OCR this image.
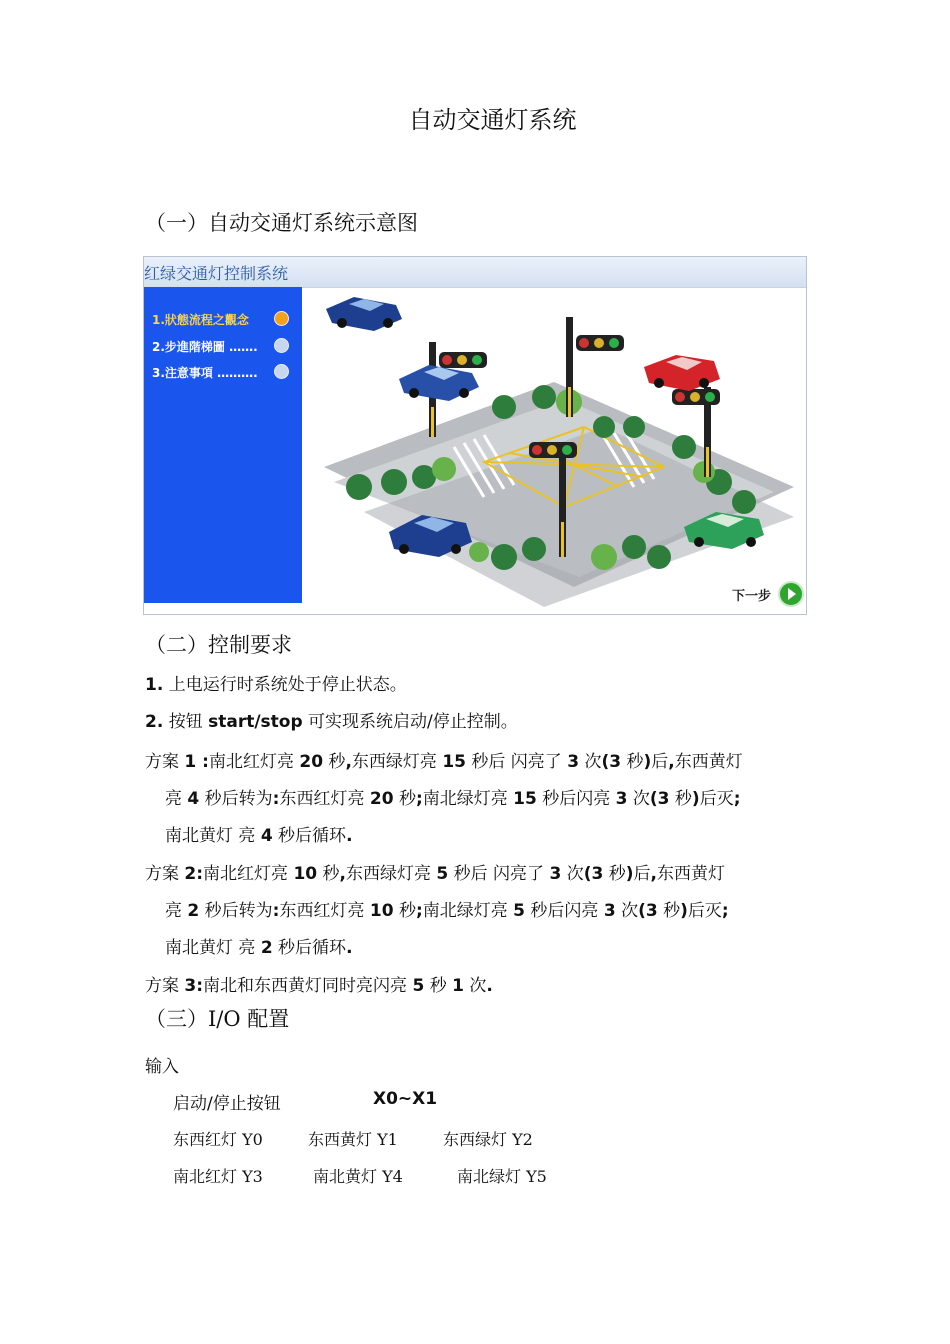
自动交通灯系统
（一）自动交通灯系统示意图
红绿交通灯控制系统
1.狀態流程之觀念
2.步進階梯圖 …….
3.注意事項 ……….
下一步
（二）控制要求
1. 上电运行时系统处于停止状态。
2. 按钮 start/stop 可实现系统启动/停止控制。
方案 1 :南北红灯亮 20 秒,东西绿灯亮 15 秒后 闪亮了 3 次(3 秒)后,东西黄灯
亮 4 秒后转为:东西红灯亮 20 秒;南北绿灯亮 15 秒后闪亮 3 次(3 秒)后灭;
南北黄灯 亮 4 秒后循环.
方案 2:南北红灯亮 10 秒,东西绿灯亮 5 秒后 闪亮了 3 次(3 秒)后,东西黄灯
亮 2 秒后转为:东西红灯亮 10 秒;南北绿灯亮 5 秒后闪亮 3 次(3 秒)后灭;
南北黄灯 亮 2 秒后循环.
方案 3:南北和东西黄灯同时亮闪亮 5 秒 1 次.
（三）I/O 配置
输入
启动/停止按钮	X0~X1
东西红灯 Y0	东西黄灯 Y1	东西绿灯 Y2
南北红灯 Y3	南北黄灯 Y4	南北绿灯 Y5
